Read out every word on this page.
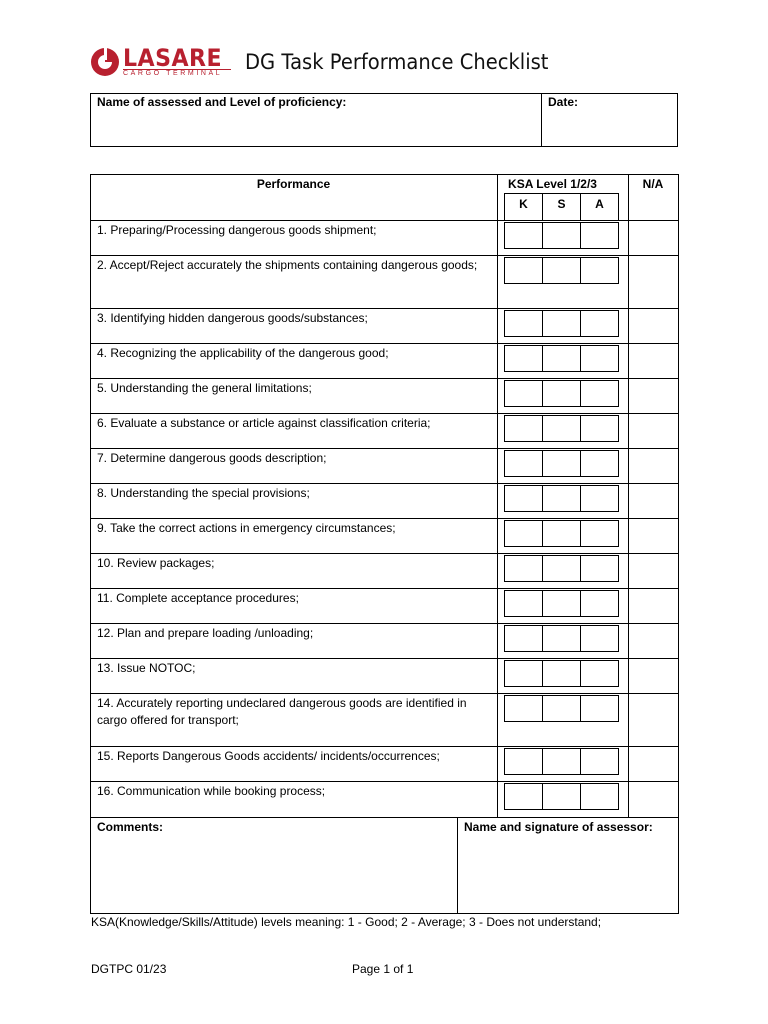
LASARE
CARGO TERMINAL	DG Task Performance Checklist
Name of assessed and Level of proficiency:	Date:
Performance	KSA Level 1/2/3	N/A
K	S	A
1. Preparing/Processing dangerous goods shipment;
2. Accept/Reject accurately the shipments containing dangerous goods;
3. Identifying hidden dangerous goods/substances;
4. Recognizing the applicability of the dangerous good;
5. Understanding the general limitations;
6. Evaluate a substance or article against classification criteria;
7. Determine dangerous goods description;
8. Understanding the special provisions;
9. Take the correct actions in emergency circumstances;
10. Review packages;
11. Complete acceptance procedures;
12. Plan and prepare loading /unloading;
13. Issue NOTOC;
14. Accurately reporting undeclared dangerous goods are identified in cargo offered for transport;
15. Reports Dangerous Goods accidents/ incidents/occurrences;
16. Communication while booking process;
Comments:	Name and signature of assessor:
KSA(Knowledge/Skills/Attitude) levels meaning: 1 - Good; 2 - Average; 3 - Does not understand;
DGTPC 01/23	Page 1 of 1
